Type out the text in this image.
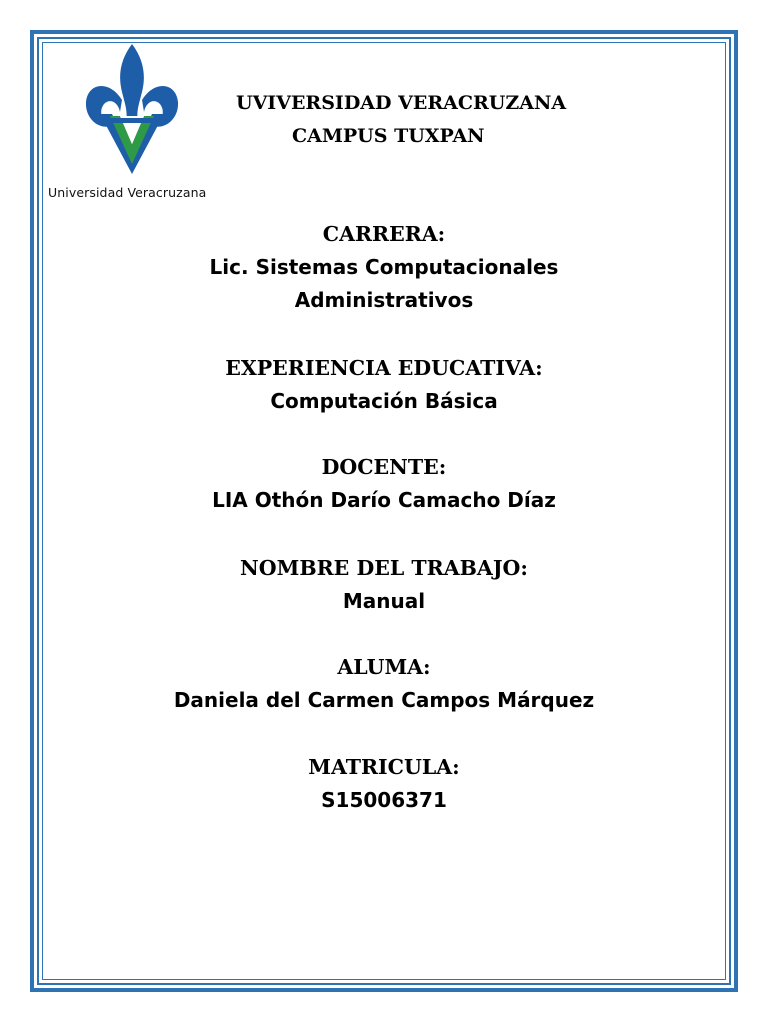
Universidad Veracruzana
UVIVERSIDAD VERACRUZANA
CAMPUS TUXPAN
CARRERA:
Lic. Sistemas Computacionales
Administrativos
EXPERIENCIA EDUCATIVA:
Computación Básica
DOCENTE:
LIA Othón Darío Camacho Díaz
NOMBRE DEL TRABAJO:
Manual
ALUMA:
Daniela del Carmen Campos Márquez
MATRICULA:
S15006371
